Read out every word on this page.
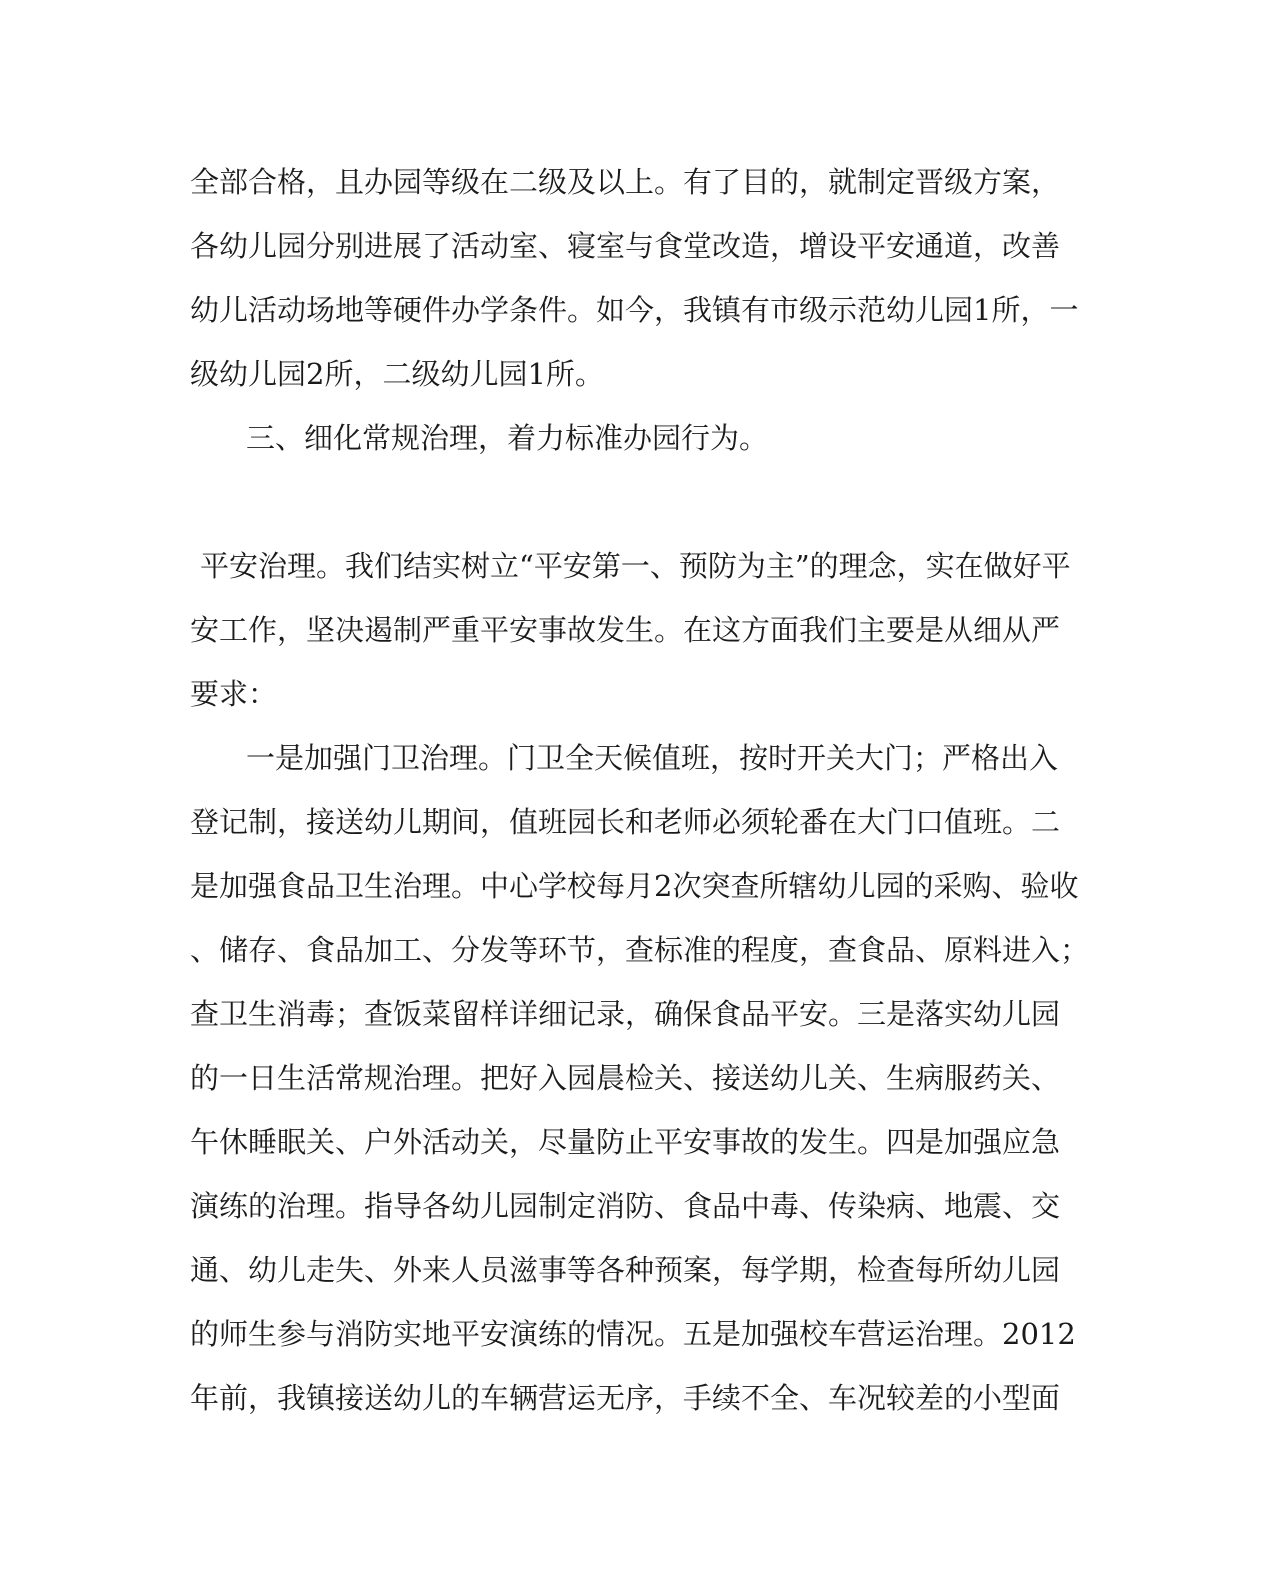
全部合格，且办园等级在二级及以上。有了目的，就制定晋级方案，

各幼儿园分别进展了活动室、寝室与食堂改造，增设平安通道，改善

幼儿活动场地等硬件办学条件。如今，我镇有市级示范幼儿园1所，一

级幼儿园2所，二级幼儿园1所。

三、细化常规治理，着力标准办园行为。

平安治理。我们结实树立“平安第一、预防为主”的理念，实在做好平

安工作，坚决遏制严重平安事故发生。在这方面我们主要是从细从严

要求：

一是加强门卫治理。门卫全天候值班，按时开关大门；严格出入

登记制，接送幼儿期间，值班园长和老师必须轮番在大门口值班。二

是加强食品卫生治理。中心学校每月2次突查所辖幼儿园的采购、验收

、储存、食品加工、分发等环节，查标准的程度，查食品、原料进入；

查卫生消毒；查饭菜留样详细记录，确保食品平安。三是落实幼儿园

的一日生活常规治理。把好入园晨检关、接送幼儿关、生病服药关、

午休睡眠关、户外活动关，尽量防止平安事故的发生。四是加强应急

演练的治理。指导各幼儿园制定消防、食品中毒、传染病、地震、交

通、幼儿走失、外来人员滋事等各种预案，每学期，检查每所幼儿园

的师生参与消防实地平安演练的情况。五是加强校车营运治理。2012

年前，我镇接送幼儿的车辆营运无序，手续不全、车况较差的小型面
